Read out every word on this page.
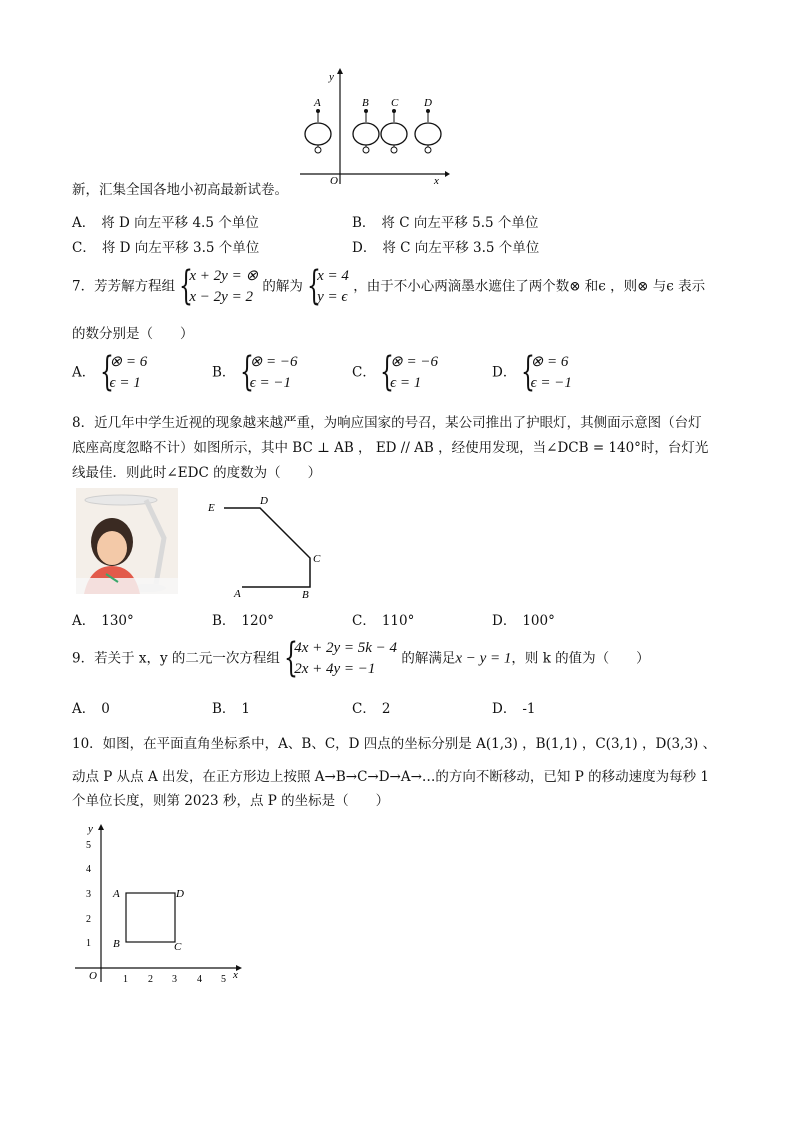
y
x
O
A	B C D
新，汇集全国各地小初高最新试卷。
A． 将 D 向左平移 4.5 个单位	B． 将 C 向左平移 5.5 个单位
C． 将 D 向左平移 3.5 个单位	D． 将 C 向左平移 3.5 个单位
7．芳芳解方程组 {
x + 2y = ⊗
x − 2y = 2
的解为 {
x = 4
y = ϵ
，由于不小心两滴墨水遮住了两个数⊗ 和ϵ ，则⊗ 与ϵ 表示
的数分别是（　　）
A． {
⊗ = 6
ϵ = 1
B． {
⊗ = −6
ϵ = −1
C． {
⊗ = −6
ϵ = 1
D． {
⊗ = 6
ϵ = −1
8．近几年中学生近视的现象越来越严重，为响应国家的号召，某公司推出了护眼灯，其侧面示意图（台灯
底座高度忽略不计）如图所示，其中 BC ⊥ AB ， ED // AB ，经使用发现，当∠DCB = 140°时，台灯光
线最佳．则此时∠EDC 的度数为（　　）
E
D
C
A	B
A． 130°	B． 120°	C． 110°	D． 100°
9．若关于 x，y 的二元一次方程组 {
4x + 2y = 5k − 4
2x + 4y = −1
的解满足x − y = 1，则 k 的值为（　　）
A． 0	B． 1	C． 2	D． -1
10．如图，在平面直角坐标系中，A、B、C，D 四点的坐标分别是 A(1,3) ，B(1,1) ，C(3,1) ，D(3,3) 、
动点 P 从点 A 出发，在正方形边上按照 A→B→C→D→A→…的方向不断移动，已知 P 的移动速度为每秒 1
个单位长度，则第 2023 秒，点 P 的坐标是（　　）
y
x
O	1 2 3 4 5
1
2
3
4
5
A
B	C
D
